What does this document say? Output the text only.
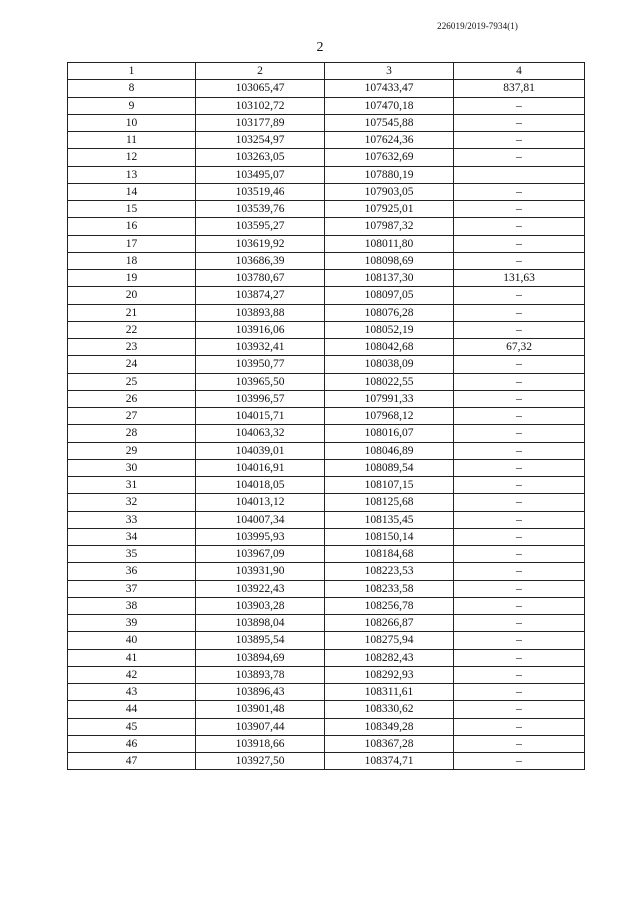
226019/2019-7934(1)
2
1	2	3	4
8	103065,47	107433,47	837,81
9	103102,72	107470,18	–
10	103177,89	107545,88	–
11	103254,97	107624,36	–
12	103263,05	107632,69	–
13	103495,07	107880,19	
14	103519,46	107903,05	–
15	103539,76	107925,01	–
16	103595,27	107987,32	–
17	103619,92	108011,80	–
18	103686,39	108098,69	–
19	103780,67	108137,30	131,63
20	103874,27	108097,05	–
21	103893,88	108076,28	–
22	103916,06	108052,19	–
23	103932,41	108042,68	67,32
24	103950,77	108038,09	–
25	103965,50	108022,55	–
26	103996,57	107991,33	–
27	104015,71	107968,12	–
28	104063,32	108016,07	–
29	104039,01	108046,89	–
30	104016,91	108089,54	–
31	104018,05	108107,15	–
32	104013,12	108125,68	–
33	104007,34	108135,45	–
34	103995,93	108150,14	–
35	103967,09	108184,68	–
36	103931,90	108223,53	–
37	103922,43	108233,58	–
38	103903,28	108256,78	–
39	103898,04	108266,87	–
40	103895,54	108275,94	–
41	103894,69	108282,43	–
42	103893,78	108292,93	–
43	103896,43	108311,61	–
44	103901,48	108330,62	–
45	103907,44	108349,28	–
46	103918,66	108367,28	–
47	103927,50	108374,71	–
